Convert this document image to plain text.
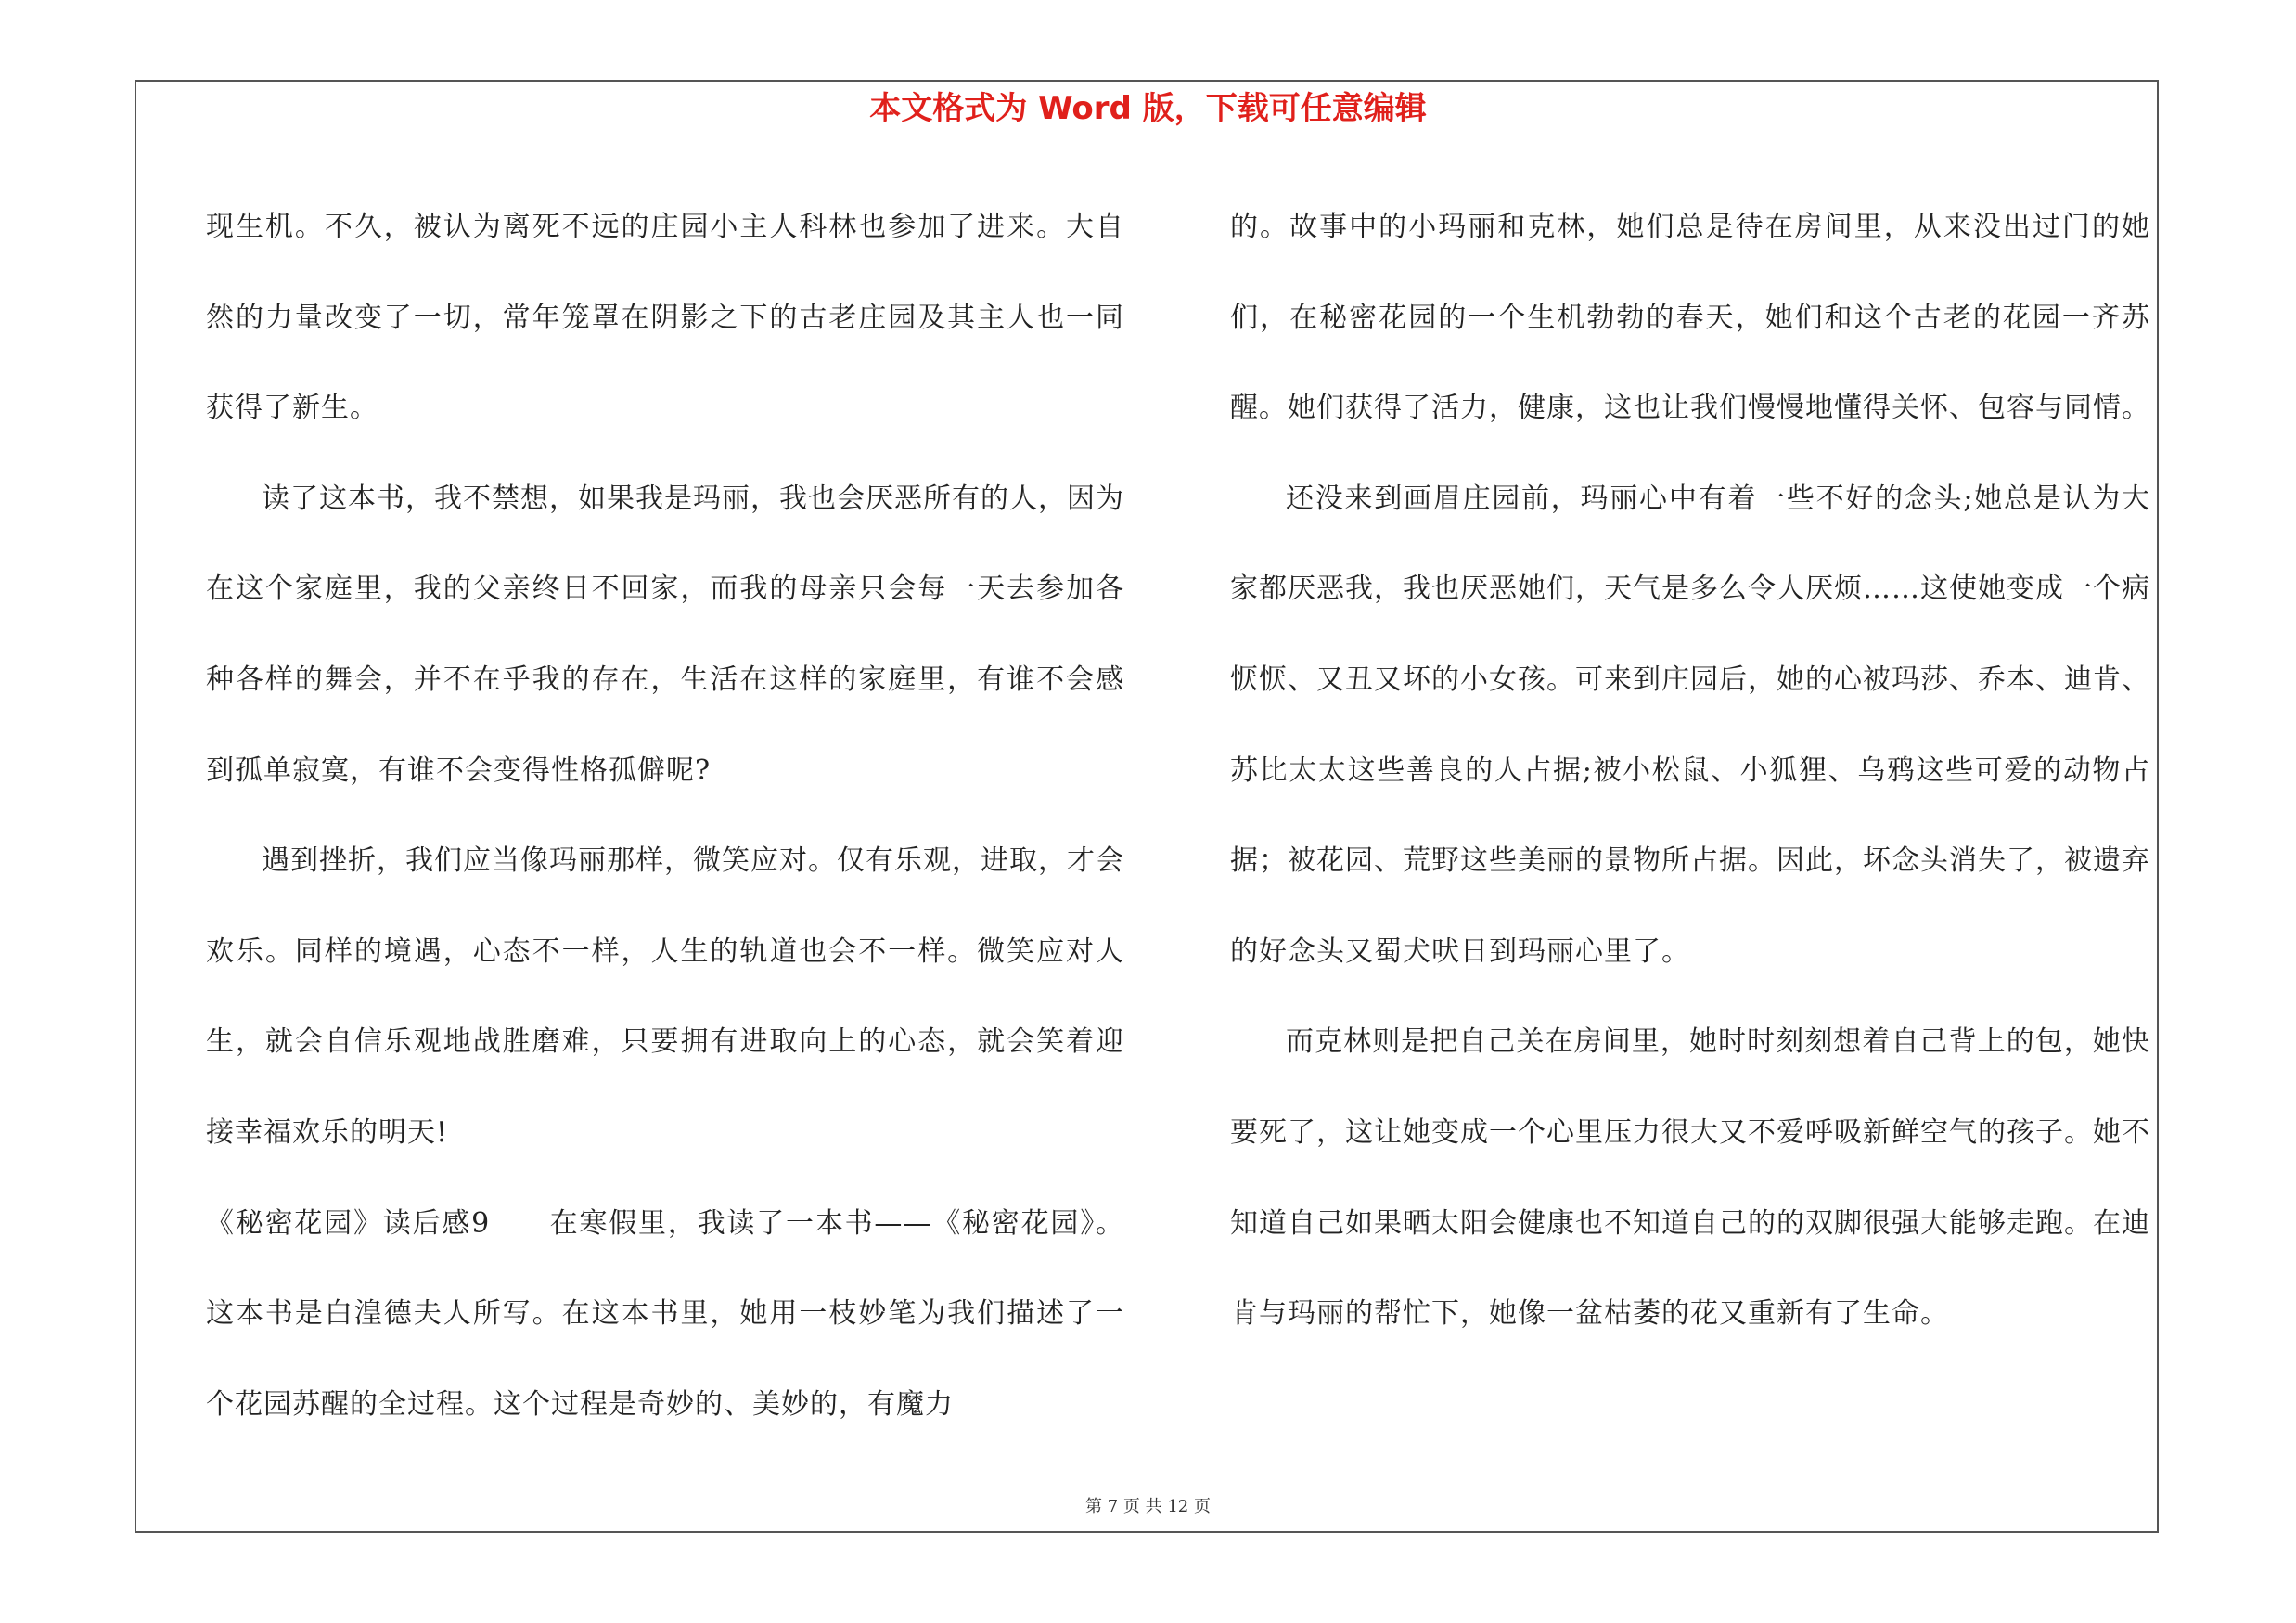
本文格式为 Word 版，下载可任意编辑

现生机。不久，被认为离死不远的庄园小主人科林也参加了进来。大自然的力量改变了一切，常年笼罩在阴影之下的古老庄园及其主人也一同获得了新生。

读了这本书，我不禁想，如果我是玛丽，我也会厌恶所有的人，因为在这个家庭里，我的父亲终日不回家，而我的母亲只会每一天去参加各种各样的舞会，并不在乎我的存在，生活在这样的家庭里，有谁不会感到孤单寂寞，有谁不会变得性格孤僻呢?

遇到挫折，我们应当像玛丽那样，微笑应对。仅有乐观，进取，才会欢乐。同样的境遇，心态不一样，人生的轨道也会不一样。微笑应对人生，就会自信乐观地战胜磨难，只要拥有进取向上的心态，就会笑着迎接幸福欢乐的明天!

《秘密花园》读后感9　　在寒假里，我读了一本书——《秘密花园》。这本书是白湟德夫人所写。在这本书里，她用一枝妙笔为我们描述了一个花园苏醒的全过程。这个过程是奇妙的、美妙的，有魔力

的。故事中的小玛丽和克林，她们总是待在房间里，从来没出过门的她们，在秘密花园的一个生机勃勃的春天，她们和这个古老的花园一齐苏醒。她们获得了活力，健康，这也让我们慢慢地懂得关怀、包容与同情。

还没来到画眉庄园前，玛丽心中有着一些不好的念头;她总是认为大家都厌恶我，我也厌恶她们，天气是多么令人厌烦……这使她变成一个病恹恹、又丑又坏的小女孩。可来到庄园后，她的心被玛莎、乔本、迪肯、苏比太太这些善良的人占据;被小松鼠、小狐狸、乌鸦这些可爱的动物占据；被花园、荒野这些美丽的景物所占据。因此，坏念头消失了，被遗弃的好念头又蜀犬吠日到玛丽心里了。

而克林则是把自己关在房间里，她时时刻刻想着自己背上的包，她快要死了，这让她变成一个心里压力很大又不爱呼吸新鲜空气的孩子。她不知道自己如果晒太阳会健康也不知道自己的的双脚很强大能够走跑。在迪肯与玛丽的帮忙下，她像一盆枯萎的花又重新有了生命。

第 7 页 共 12 页
